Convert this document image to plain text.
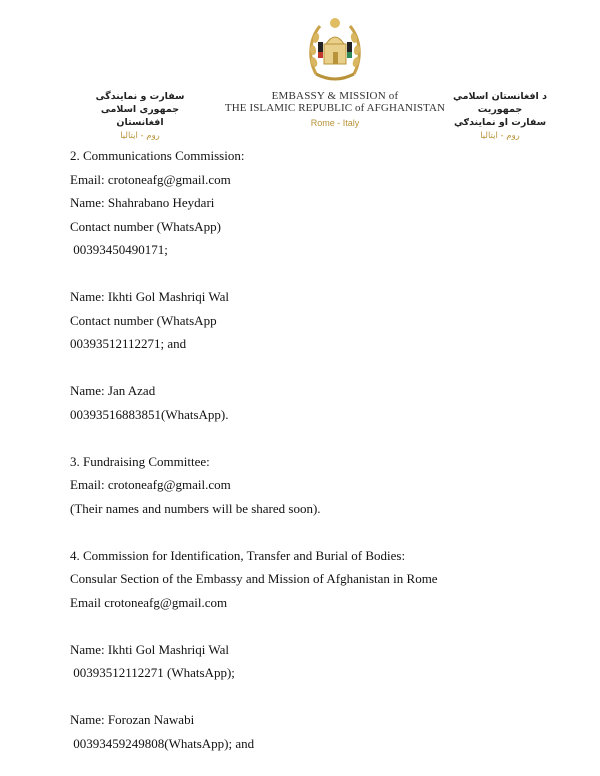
سفارت و نمایندگی
جمهوری اسلامی افغانستان
روم - ایتالیا
EMBASSY & MISSION of
THE ISLAMIC REPUBLIC of AFGHANISTAN
Rome - Italy
د افغانستان اسلامي جمهوریت
سفارت او نمایندګي
روم - ایتالیا
2. Communications Commission:
Email: crotoneafg@gmail.com
Name: Shahrabano Heydari
Contact number (WhatsApp)
00393450490171;
Name: Ikhti Gol Mashriqi Wal
Contact number (WhatsApp
00393512112271; and
Name: Jan Azad
00393516883851(WhatsApp).
3. Fundraising Committee:
Email: crotoneafg@gmail.com
(Their names and numbers will be shared soon).
4. Commission for Identification, Transfer and Burial of Bodies:
Consular Section of the Embassy and Mission of Afghanistan in Rome
Email crotoneafg@gmail.com
Name: Ikhti Gol Mashriqi Wal
00393512112271 (WhatsApp);
Name: Forozan Nawabi
00393459249808(WhatsApp); and
